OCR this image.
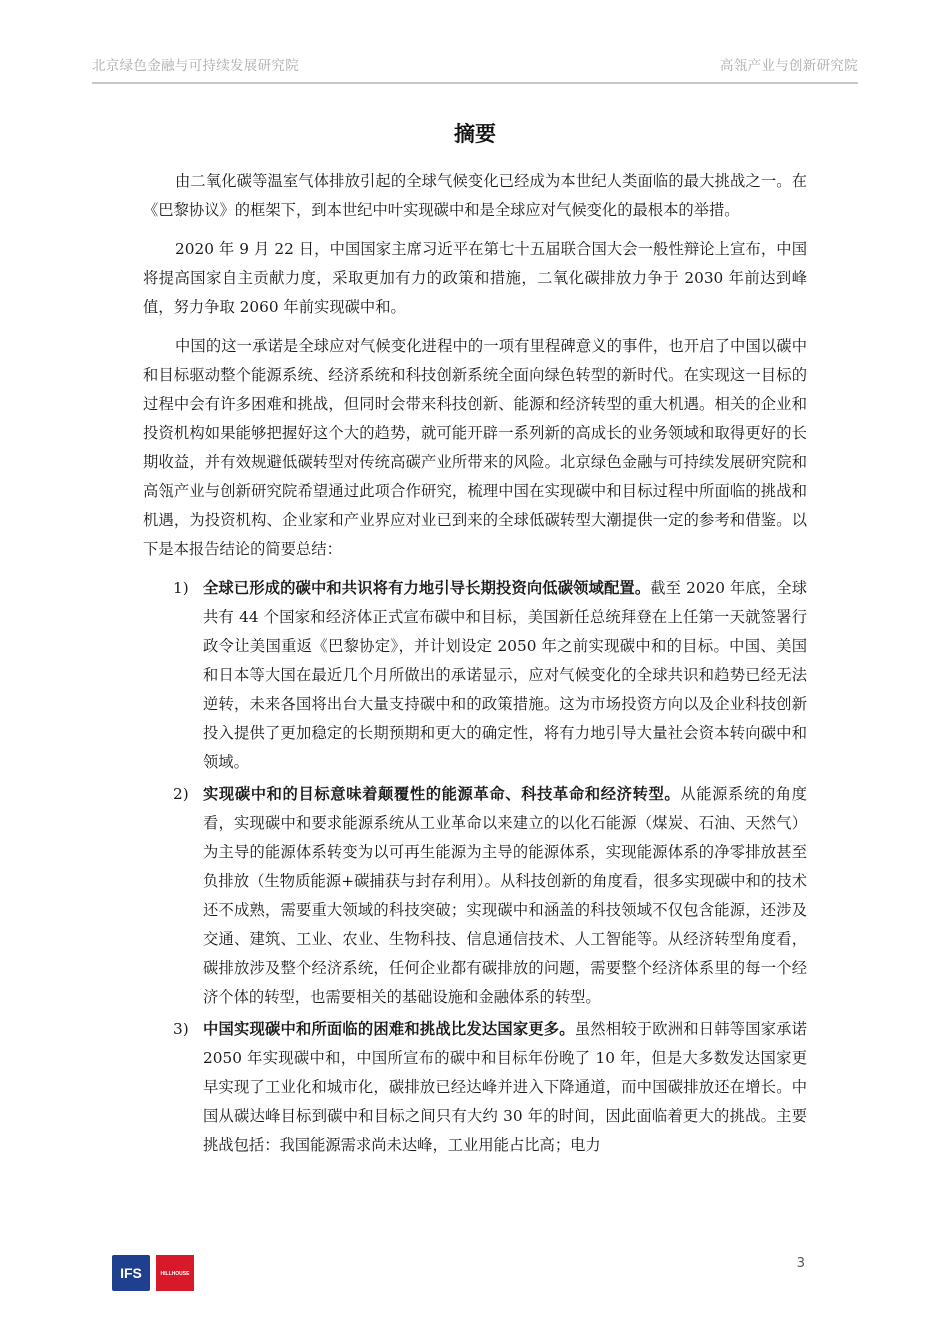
北京绿色金融与可持续发展研究院	高瓴产业与创新研究院
摘要

由二氧化碳等温室气体排放引起的全球气候变化已经成为本世纪人类面临的最大挑战之一。在《巴黎协议》的框架下，到本世纪中叶实现碳中和是全球应对气候变化的最根本的举措。

2020 年 9 月 22 日，中国国家主席习近平在第七十五届联合国大会一般性辩论上宣布，中国将提高国家自主贡献力度，采取更加有力的政策和措施，二氧化碳排放力争于 2030 年前达到峰值，努力争取 2060 年前实现碳中和。

中国的这一承诺是全球应对气候变化进程中的一项有里程碑意义的事件，也开启了中国以碳中和目标驱动整个能源系统、经济系统和科技创新系统全面向绿色转型的新时代。在实现这一目标的过程中会有许多困难和挑战，但同时会带来科技创新、能源和经济转型的重大机遇。相关的企业和投资机构如果能够把握好这个大的趋势，就可能开辟一系列新的高成长的业务领域和取得更好的长期收益，并有效规避低碳转型对传统高碳产业所带来的风险。北京绿色金融与可持续发展研究院和高瓴产业与创新研究院希望通过此项合作研究，梳理中国在实现碳中和目标过程中所面临的挑战和机遇，为投资机构、企业家和产业界应对业已到来的全球低碳转型大潮提供一定的参考和借鉴。以下是本报告结论的简要总结：

1) 全球已形成的碳中和共识将有力地引导长期投资向低碳领域配置。截至 2020 年底，全球共有 44 个国家和经济体正式宣布碳中和目标，美国新任总统拜登在上任第一天就签署行政令让美国重返《巴黎协定》，并计划设定 2050 年之前实现碳中和的目标。中国、美国和日本等大国在最近几个月所做出的承诺显示，应对气候变化的全球共识和趋势已经无法逆转，未来各国将出台大量支持碳中和的政策措施。这为市场投资方向以及企业科技创新投入提供了更加稳定的长期预期和更大的确定性，将有力地引导大量社会资本转向碳中和领域。
2) 实现碳中和的目标意味着颠覆性的能源革命、科技革命和经济转型。从能源系统的角度看，实现碳中和要求能源系统从工业革命以来建立的以化石能源（煤炭、石油、天然气）为主导的能源体系转变为以可再生能源为主导的能源体系，实现能源体系的净零排放甚至负排放（生物质能源+碳捕获与封存利用）。从科技创新的角度看，很多实现碳中和的技术还不成熟，需要重大领域的科技突破；实现碳中和涵盖的科技领域不仅包含能源，还涉及交通、建筑、工业、农业、生物科技、信息通信技术、人工智能等。从经济转型角度看，碳排放涉及整个经济系统，任何企业都有碳排放的问题，需要整个经济体系里的每一个经济个体的转型，也需要相关的基础设施和金融体系的转型。
3) 中国实现碳中和所面临的困难和挑战比发达国家更多。虽然相较于欧洲和日韩等国家承诺 2050 年实现碳中和，中国所宣布的碳中和目标年份晚了 10 年，但是大多数发达国家更早实现了工业化和城市化，碳排放已经达峰并进入下降通道，而中国碳排放还在增长。中国从碳达峰目标到碳中和目标之间只有大约 30 年的时间，因此面临着更大的挑战。主要挑战包括：我国能源需求尚未达峰，工业用能占比高；电力
IFS	HILLHOUSE
3
